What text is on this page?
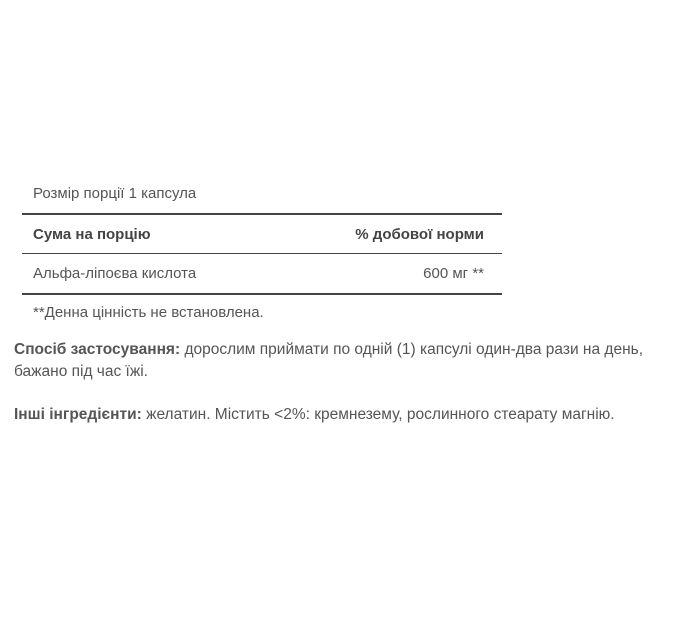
Розмір порції 1 капсула
Сума на порцію	% добової норми
Альфа-ліпоєва кислота	600 мг **
**Денна цінність не встановлена.

Спосіб застосування: дорослим приймати по одній (1) капсулі один-два рази на день, бажано під час їжі.

Інші інгредієнти: желатин. Містить <2%: кремнезему, рослинного стеарату магнію.
